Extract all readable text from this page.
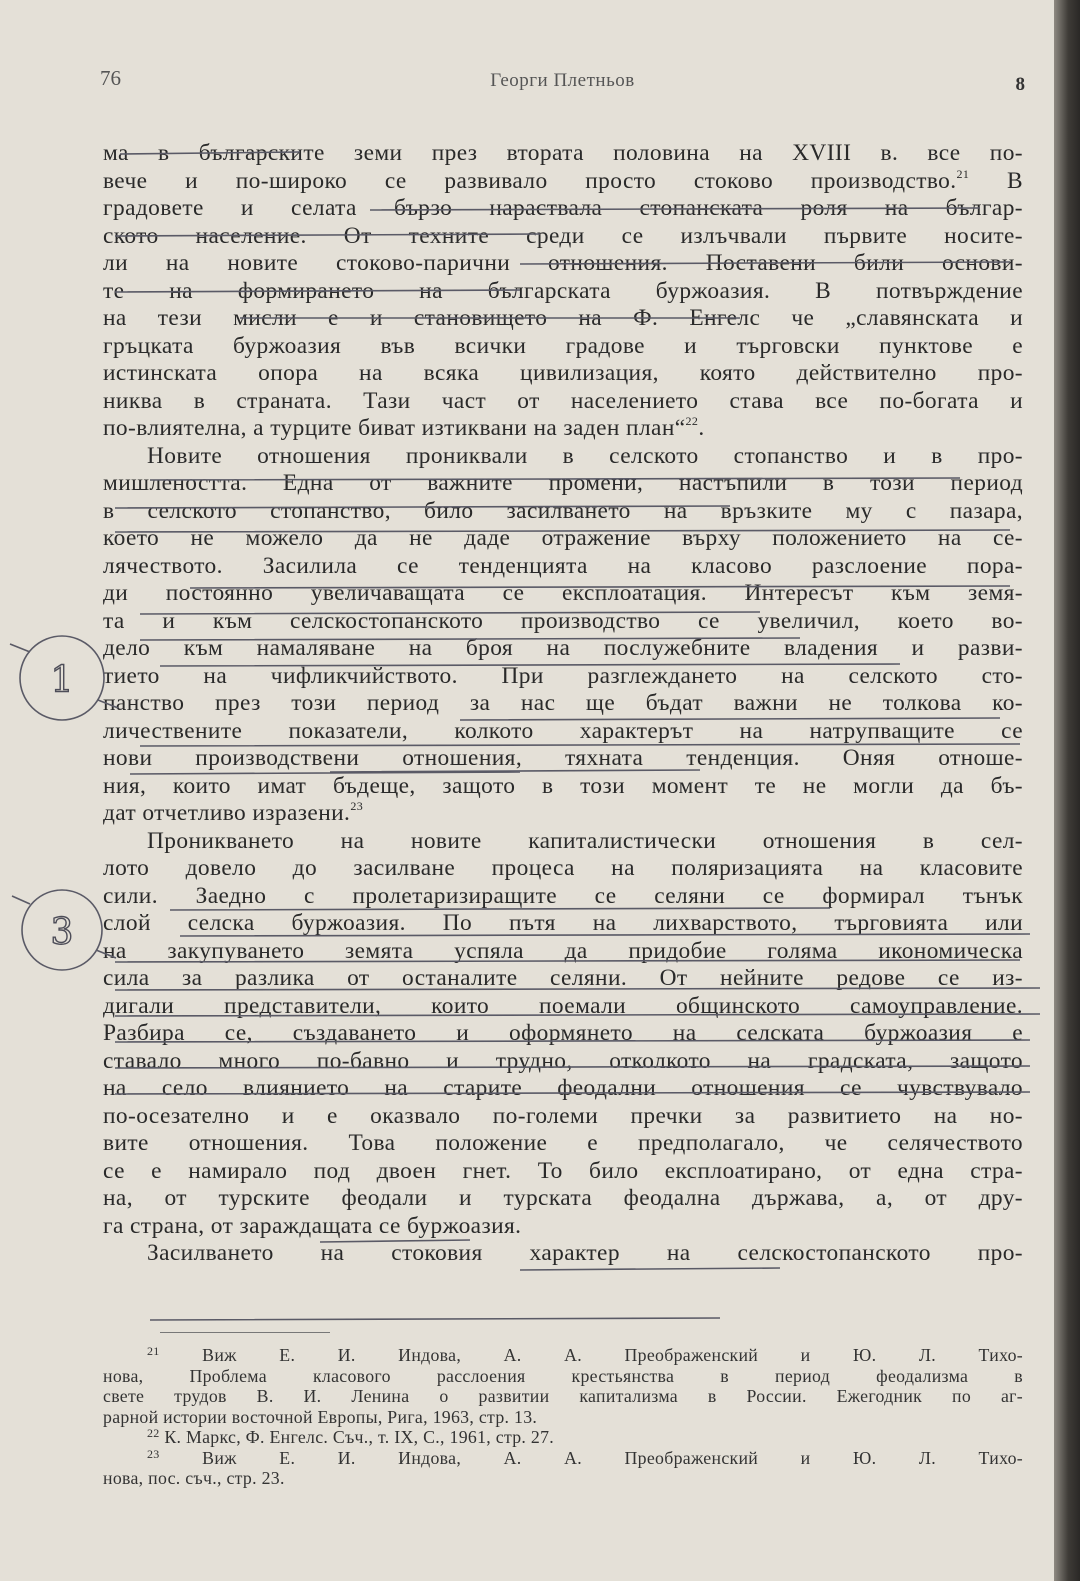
76	Георги Плетньов	8
ма в българските земи през втората половина на XVIII в. все по-
вече и по-широко се развивало просто стоково производство.$^{21}$ В
градовете и селата бързо нараствала стопанската роля на българ-
ското население. От техните среди се излъчвали първите носите-
ли на новите стоково-парични отношения. Поставени били основи-
те на формирането на българската буржоазия. В потвърждение
на тези мисли е и становището на Ф. Енгелс че „славянската и
гръцката буржоазия във всички градове и търговски пунктове е
истинската опора на всяка цивилизация, която действително про-
никва в страната. Тази част от населението става все по-богата и
по-влиятелна, а турците биват изтиквани на заден план“$^{22}$.
Новите отношения прониквали в селското стопанство и в про-
мишлеността. Една от важните промени, настъпили в този период
в селското стопанство, било засилването на връзките му с пазара,
което не можело да не даде отражение върху положението на се-
лячеството. Засилила се тенденцията на класово разслоение пора-
ди постоянно увеличаващата се експлоатация. Интересът към земя-
та и към селскостопанското производство се увеличил, което во-
дело към намаляване на броя на послужебните владения и разви-
тието на чифликчийството. При разглеждането на селското сто-
панство през този период за нас ще бъдат важни не толкова ко-
личествените показатели, колкото характерът на натрупващите се
нови производствени отношения, тяхната тенденция. Оняя отноше-
ния, които имат бъдеще, защото в този момент те не могли да бъ-
дат отчетливо изразени.$^{23}$
Проникването на новите капиталистически отношения в сел-
лото довело до засилване процеса на поляризацията на класовите
сили. Заедно с пролетаризиращите се селяни се формирал тънък
слой селска буржоазия. По пътя на лихварството, търговията или
на закупуването земята успяла да придобие голяма икономическа
сила за разлика от останалите селяни. От нейните редове се из-
дигали представители, които поемали общинското самоуправление.
Разбира се, създаването и оформянето на селската буржоазия е
ставало много по-бавно и трудно, отколкото на градската, защото
на село влиянието на старите феодални отношения се чувствувало
по-осезателно и е оказвало по-големи пречки за развитието на но-
вите отношения. Това положение е предполагало, че селячеството
се е намирало под двоен гнет. То било експлоатирано, от една стра-
на, от турските феодали и турската феодална държава, а, от дру-
га страна, от зараждащата се буржоазия.
Засилването на стоковия характер на селскостопанското про-
$^{21}$ Виж Е. И. Индова, А. А. Преображенский и Ю. Л. Тихо-
нова, Проблема класового расслоения крестьянства в период феодализма в
свете трудов В. И. Ленина о развитии капитализма в России. Ежегодник по аг-
рарной истории восточной Европы, Рига, 1963, стр. 13.
$^{22}$ К. Маркс, Ф. Енгелс. Съч., т. IX, С., 1961, стр. 27.
$^{23}$ Виж Е. И. Индова, А. А. Преображенский и Ю. Л. Тихо-
нова, пос. съч., стр. 23.
1
3
